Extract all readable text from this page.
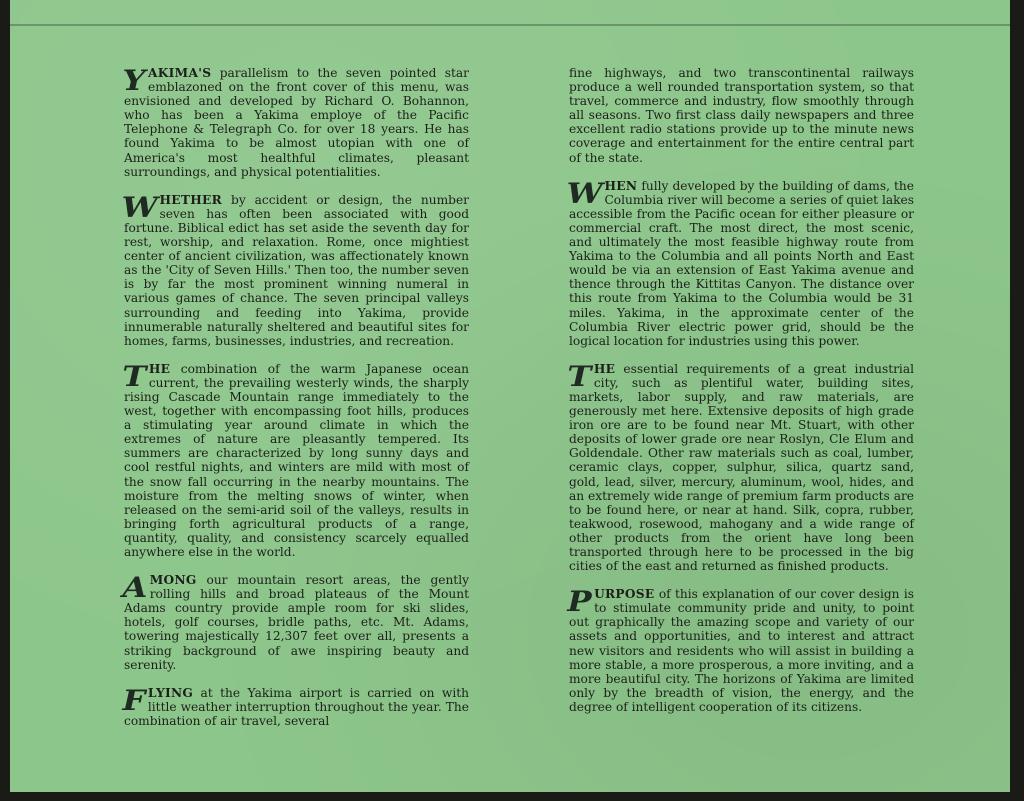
YAKIMA'S parallelism to the seven pointed star emblazoned on the front cover of this menu, was envisioned and developed by Richard O. Bohannon, who has been a Yakima employe of the Pacific Telephone & Telegraph Co. for over 18 years. He has found Yakima to be almost utopian with one of America's most healthful climates, pleasant surroundings, and physical potentialities.

WHETHER by accident or design, the number seven has often been associated with good fortune. Biblical edict has set aside the seventh day for rest, worship, and relaxation. Rome, once mightiest center of ancient civilization, was affectionately known as the 'City of Seven Hills.' Then too, the number seven is by far the most prominent winning numeral in various games of chance. The seven principal valleys surrounding and feeding into Yakima, provide innumerable naturally sheltered and beautiful sites for homes, farms, businesses, industries, and recreation.

THE combination of the warm Japanese ocean current, the prevailing westerly winds, the sharply rising Cascade Mountain range immediately to the west, together with encompassing foot hills, produces a stimulating year around climate in which the extremes of nature are pleasantly tempered. Its summers are characterized by long sunny days and cool restful nights, and winters are mild with most of the snow fall occurring in the nearby mountains. The moisture from the melting snows of winter, when released on the semi-arid soil of the valleys, results in bringing forth agricultural products of a range, quantity, quality, and consistency scarcely equalled anywhere else in the world.

AMONG our mountain resort areas, the gently rolling hills and broad plateaus of the Mount Adams country provide ample room for ski slides, hotels, golf courses, bridle paths, etc. Mt. Adams, towering majestically 12,307 feet over all, presents a striking background of awe inspiring beauty and serenity.

FLYING at the Yakima airport is carried on with little weather interruption throughout the year. The combination of air travel, several

fine highways, and two transcontinental railways produce a well rounded transportation system, so that travel, commerce and industry, flow smoothly through all seasons. Two first class daily newspapers and three excellent radio stations provide up to the minute news coverage and entertainment for the entire central part of the state.

WHEN fully developed by the building of dams, the Columbia river will become a series of quiet lakes accessible from the Pacific ocean for either pleasure or commercial craft. The most direct, the most scenic, and ultimately the most feasible highway route from Yakima to the Columbia and all points North and East would be via an extension of East Yakima avenue and thence through the Kittitas Canyon. The distance over this route from Yakima to the Columbia would be 31 miles. Yakima, in the approximate center of the Columbia River electric power grid, should be the logical location for industries using this power.

THE essential requirements of a great industrial city, such as plentiful water, building sites, markets, labor supply, and raw materials, are generously met here. Extensive deposits of high grade iron ore are to be found near Mt. Stuart, with other deposits of lower grade ore near Roslyn, Cle Elum and Goldendale. Other raw materials such as coal, lumber, ceramic clays, copper, sulphur, silica, quartz sand, gold, lead, silver, mercury, aluminum, wool, hides, and an extremely wide range of premium farm products are to be found here, or near at hand. Silk, copra, rubber, teakwood, rosewood, mahogany and a wide range of other products from the orient have long been transported through here to be processed in the big cities of the east and returned as finished products.

PURPOSE of this explanation of our cover design is to stimulate community pride and unity, to point out graphically the amazing scope and variety of our assets and opportunities, and to interest and attract new visitors and residents who will assist in building a more stable, a more prosperous, a more inviting, and a more beautiful city. The horizons of Yakima are limited only by the breadth of vision, the energy, and the degree of intelligent cooperation of its citizens.
